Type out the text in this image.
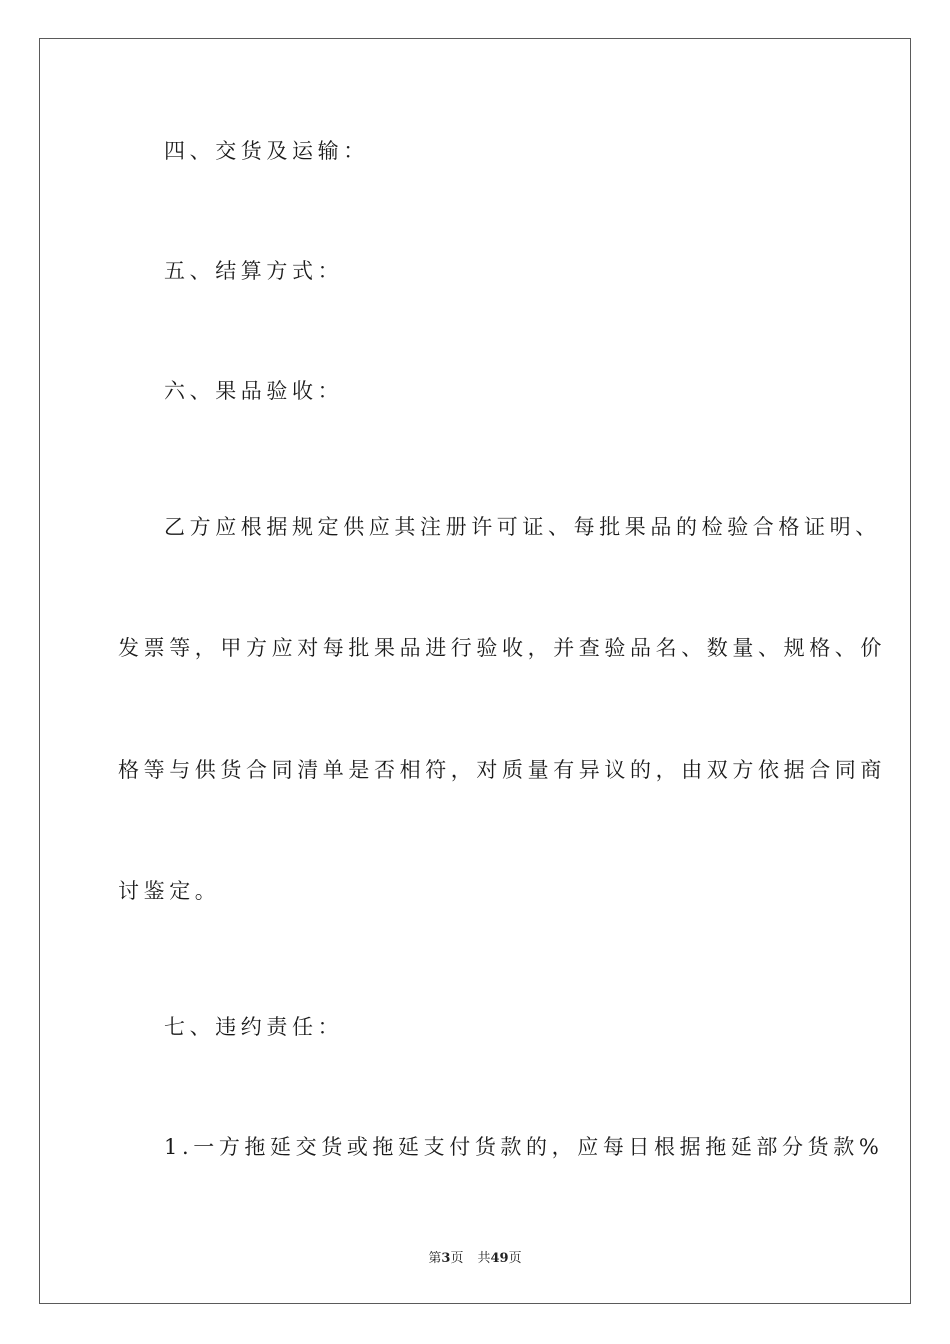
四、交货及运输：
五、结算方式：
六、果品验收：
乙方应根据规定供应其注册许可证、每批果品的检验合格证明、
发票等，甲方应对每批果品进行验收，并查验品名、数量、规格、价
格等与供货合同清单是否相符，对质量有异议的，由双方依据合同商
讨鉴定。
七、违约责任：
1.一方拖延交货或拖延支付货款的，应每日根据拖延部分货款%
第3页 共49页
